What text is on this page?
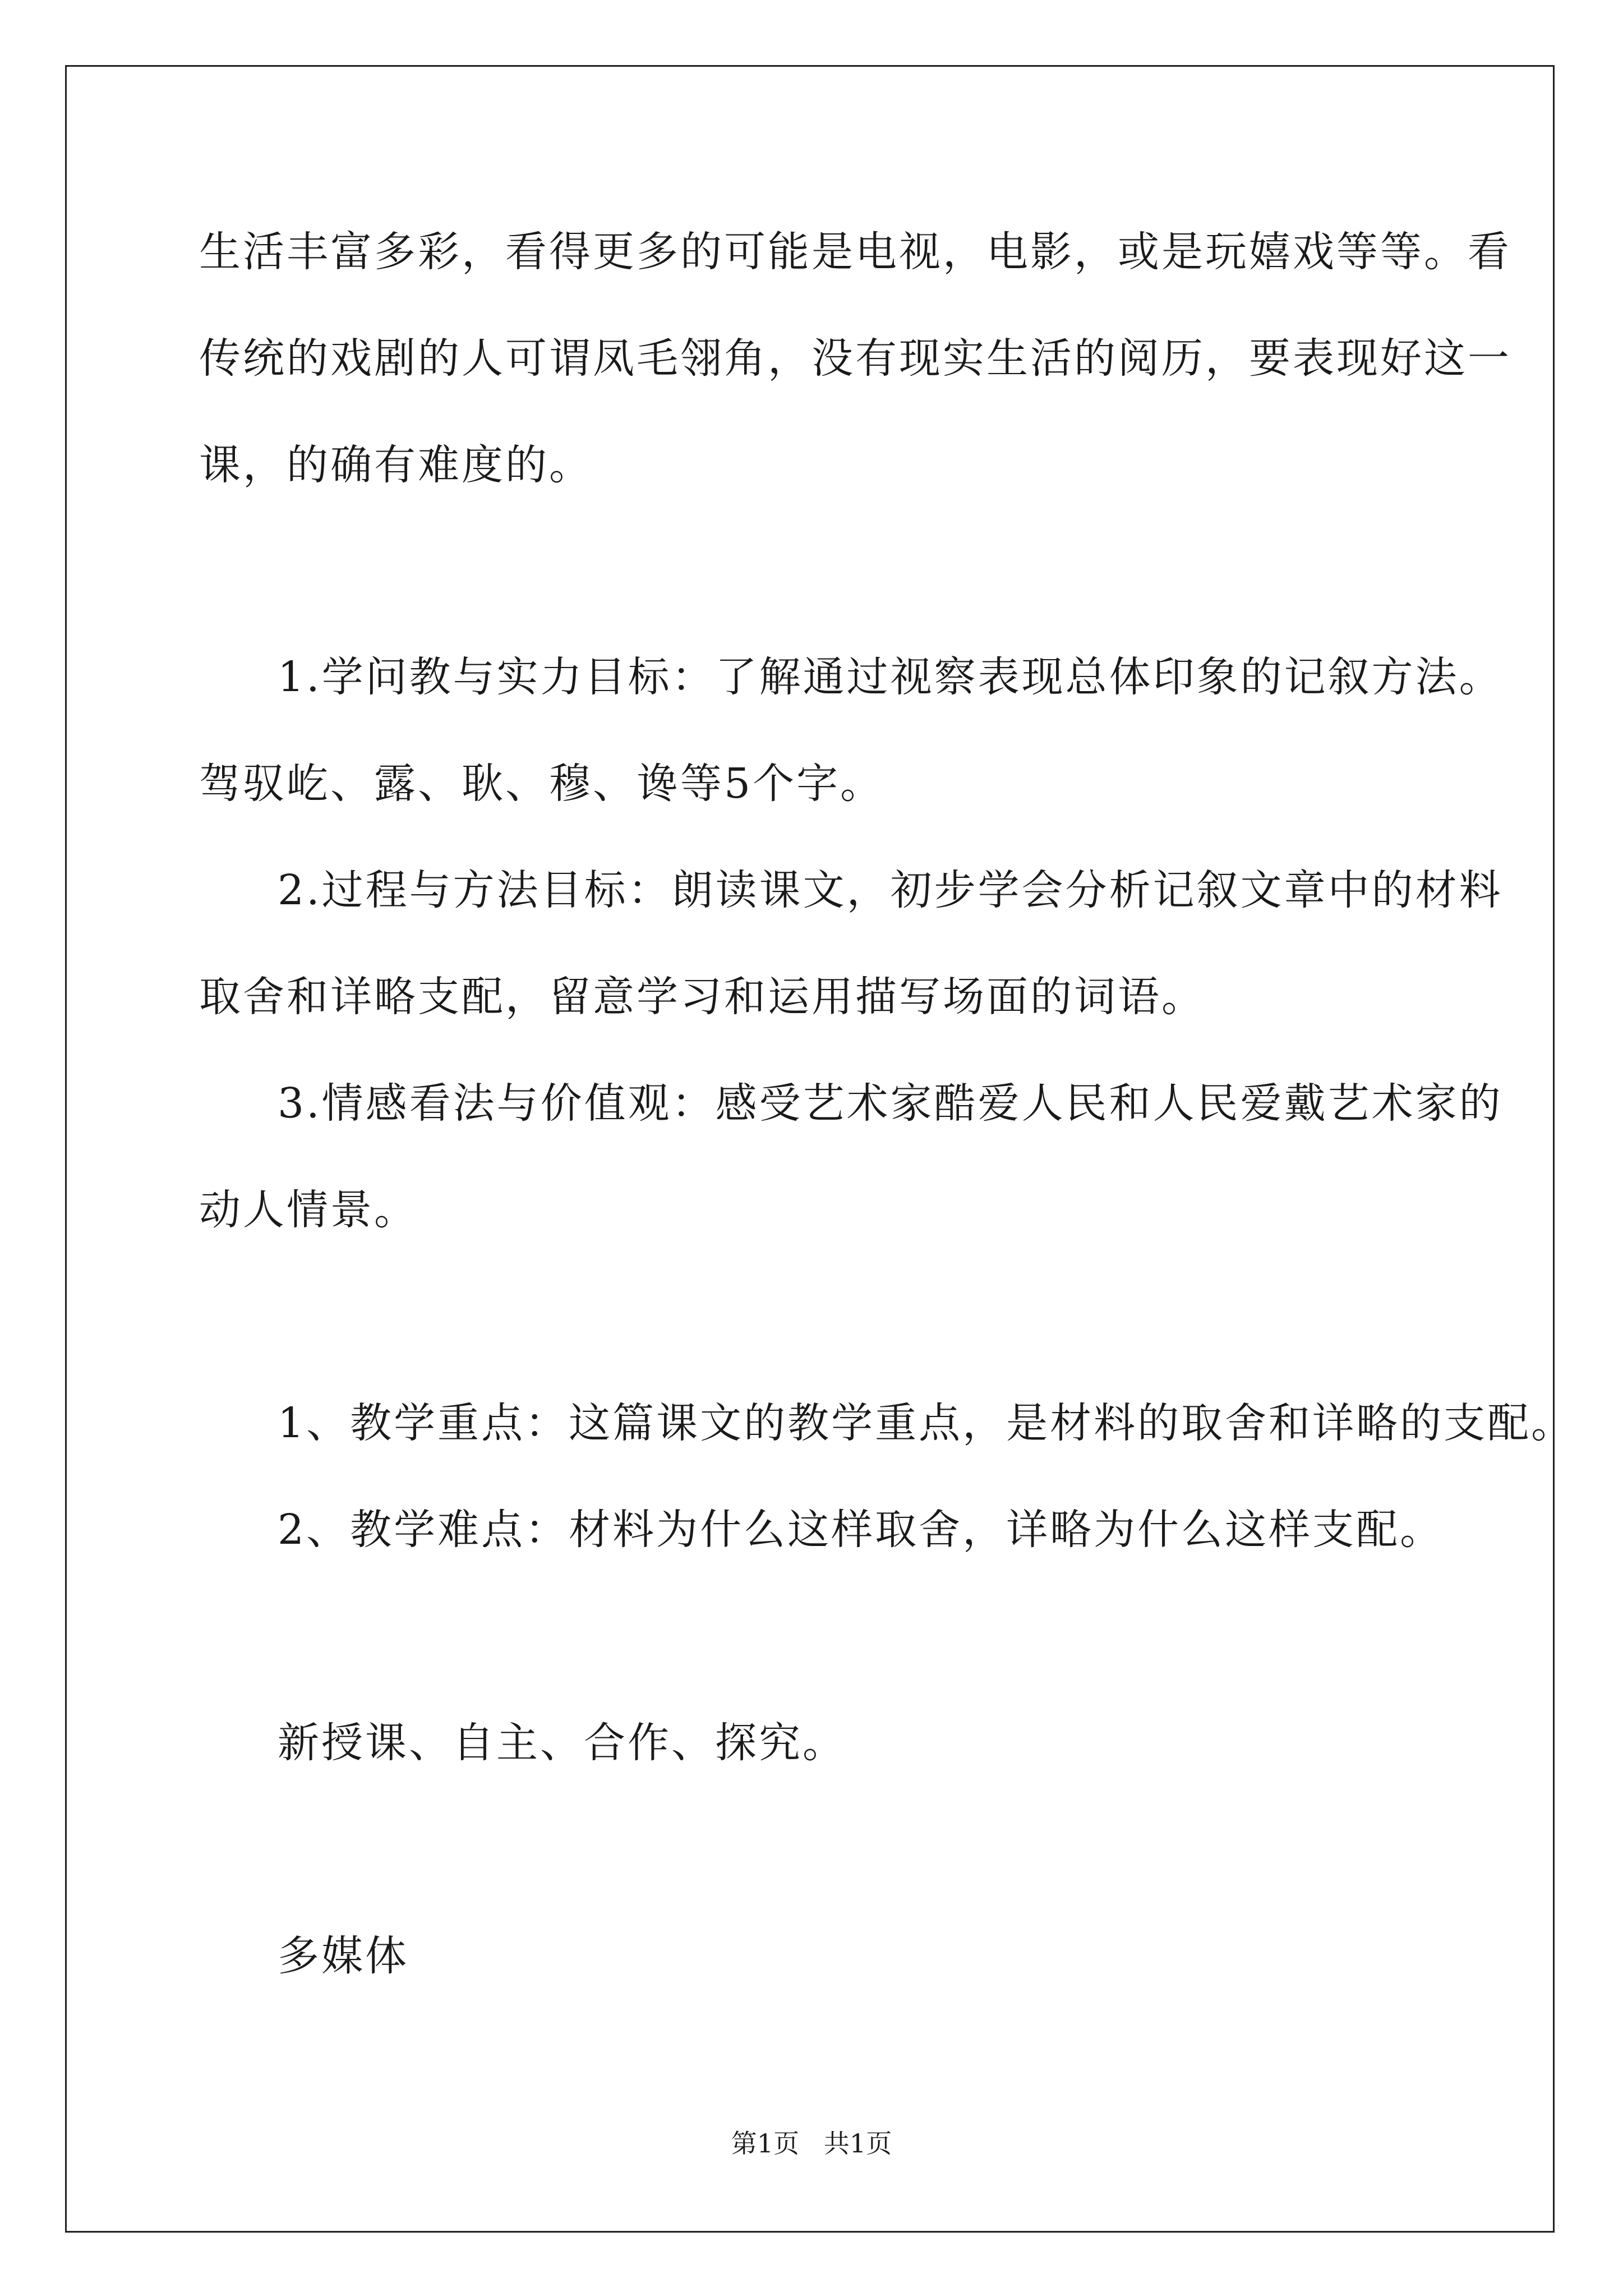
生活丰富多彩，看得更多的可能是电视，电影，或是玩嬉戏等等。看
传统的戏剧的人可谓凤毛翎角，没有现实生活的阅历，要表现好这一
课，的确有难度的。
1.学问教与实力目标：了解通过视察表现总体印象的记叙方法。
驾驭屹、露、耿、穆、谗等5个字。
2.过程与方法目标：朗读课文，初步学会分析记叙文章中的材料
取舍和详略支配，留意学习和运用描写场面的词语。
3.情感看法与价值观：感受艺术家酷爱人民和人民爱戴艺术家的
动人情景。
1、教学重点：这篇课文的教学重点，是材料的取舍和详略的支配。
2、教学难点：材料为什么这样取舍，详略为什么这样支配。
新授课、自主、合作、探究。
多媒体
第1页   共1页
